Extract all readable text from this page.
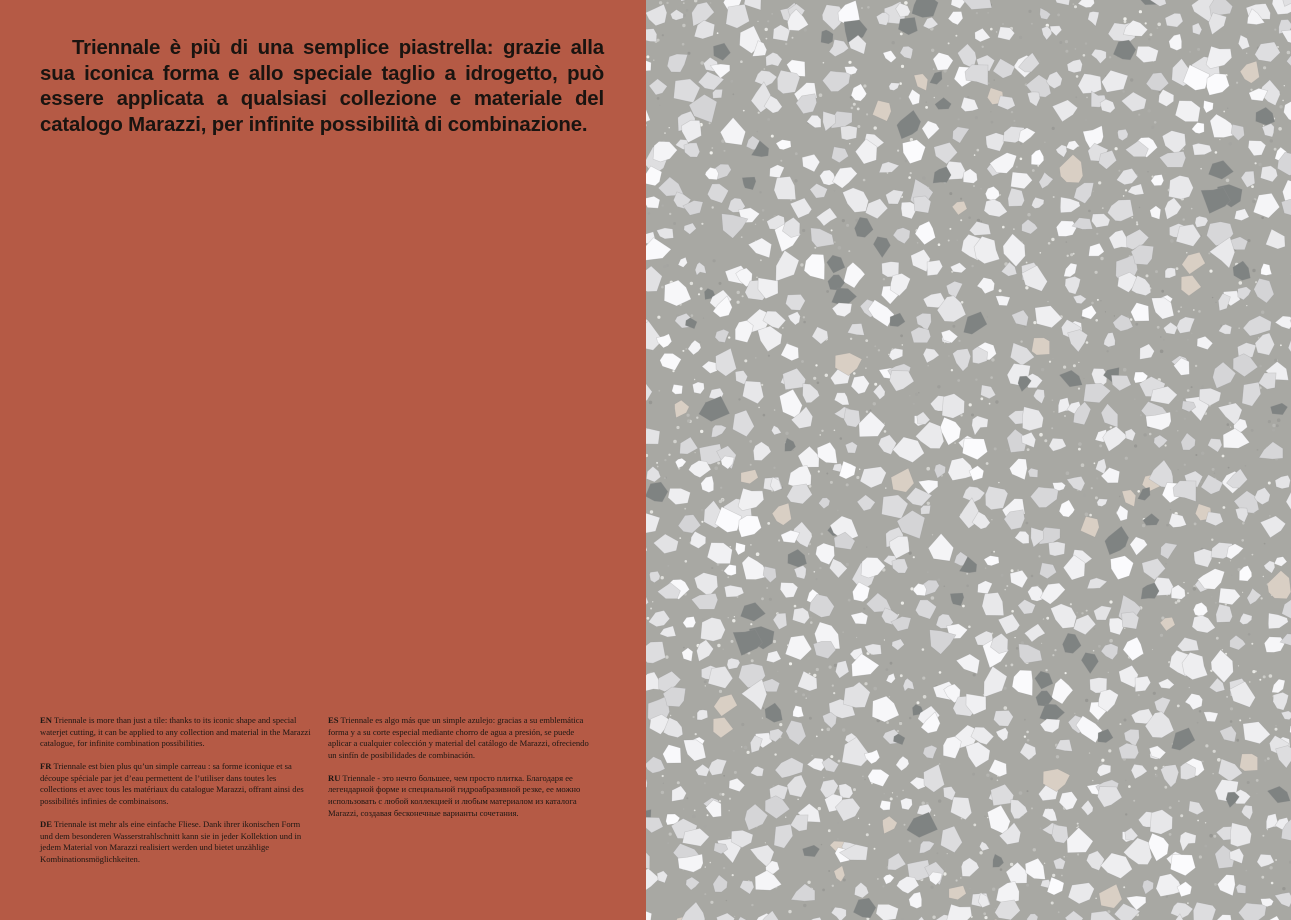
Triennale è più di una semplice piastrella: grazie alla sua iconica forma e allo speciale taglio a idrogetto, può essere applicata a qualsiasi collezione e materiale del catalogo Marazzi, per infinite possibilità di combinazione.

EN Triennale is more than just a tile: thanks to its iconic shape and special waterjet cutting, it can be applied to any collection and material in the Marazzi catalogue, for infinite combination possibilities.

FR Triennale est bien plus qu’un simple carreau : sa forme iconique et sa découpe spéciale par jet d’eau permettent de l’utiliser dans toutes les collections et avec tous les matériaux du catalogue Marazzi, offrant ainsi des possibilités infinies de combinaisons.

DE Triennale ist mehr als eine einfache Fliese. Dank ihrer ikonischen Form und dem besonderen Wasserstrahlschnitt kann sie in jeder Kollektion und in jedem Material von Marazzi realisiert werden und bietet unzählige Kombinationsmöglichkeiten.

ES Triennale es algo más que un simple azulejo: gracias a su emblemática forma y a su corte especial mediante chorro de agua a presión, se puede aplicar a cualquier colección y material del catálogo de Marazzi, ofreciendo un sinfín de posibilidades de combinación.

RU Triennale - это нечто большее, чем просто плитка. Благодаря ее легендарной форме и специальной гидроабразивной резке, ее можно использовать с любой коллекцией и любым материалом из каталога Marazzi, создавая бесконечные варианты сочетания.
